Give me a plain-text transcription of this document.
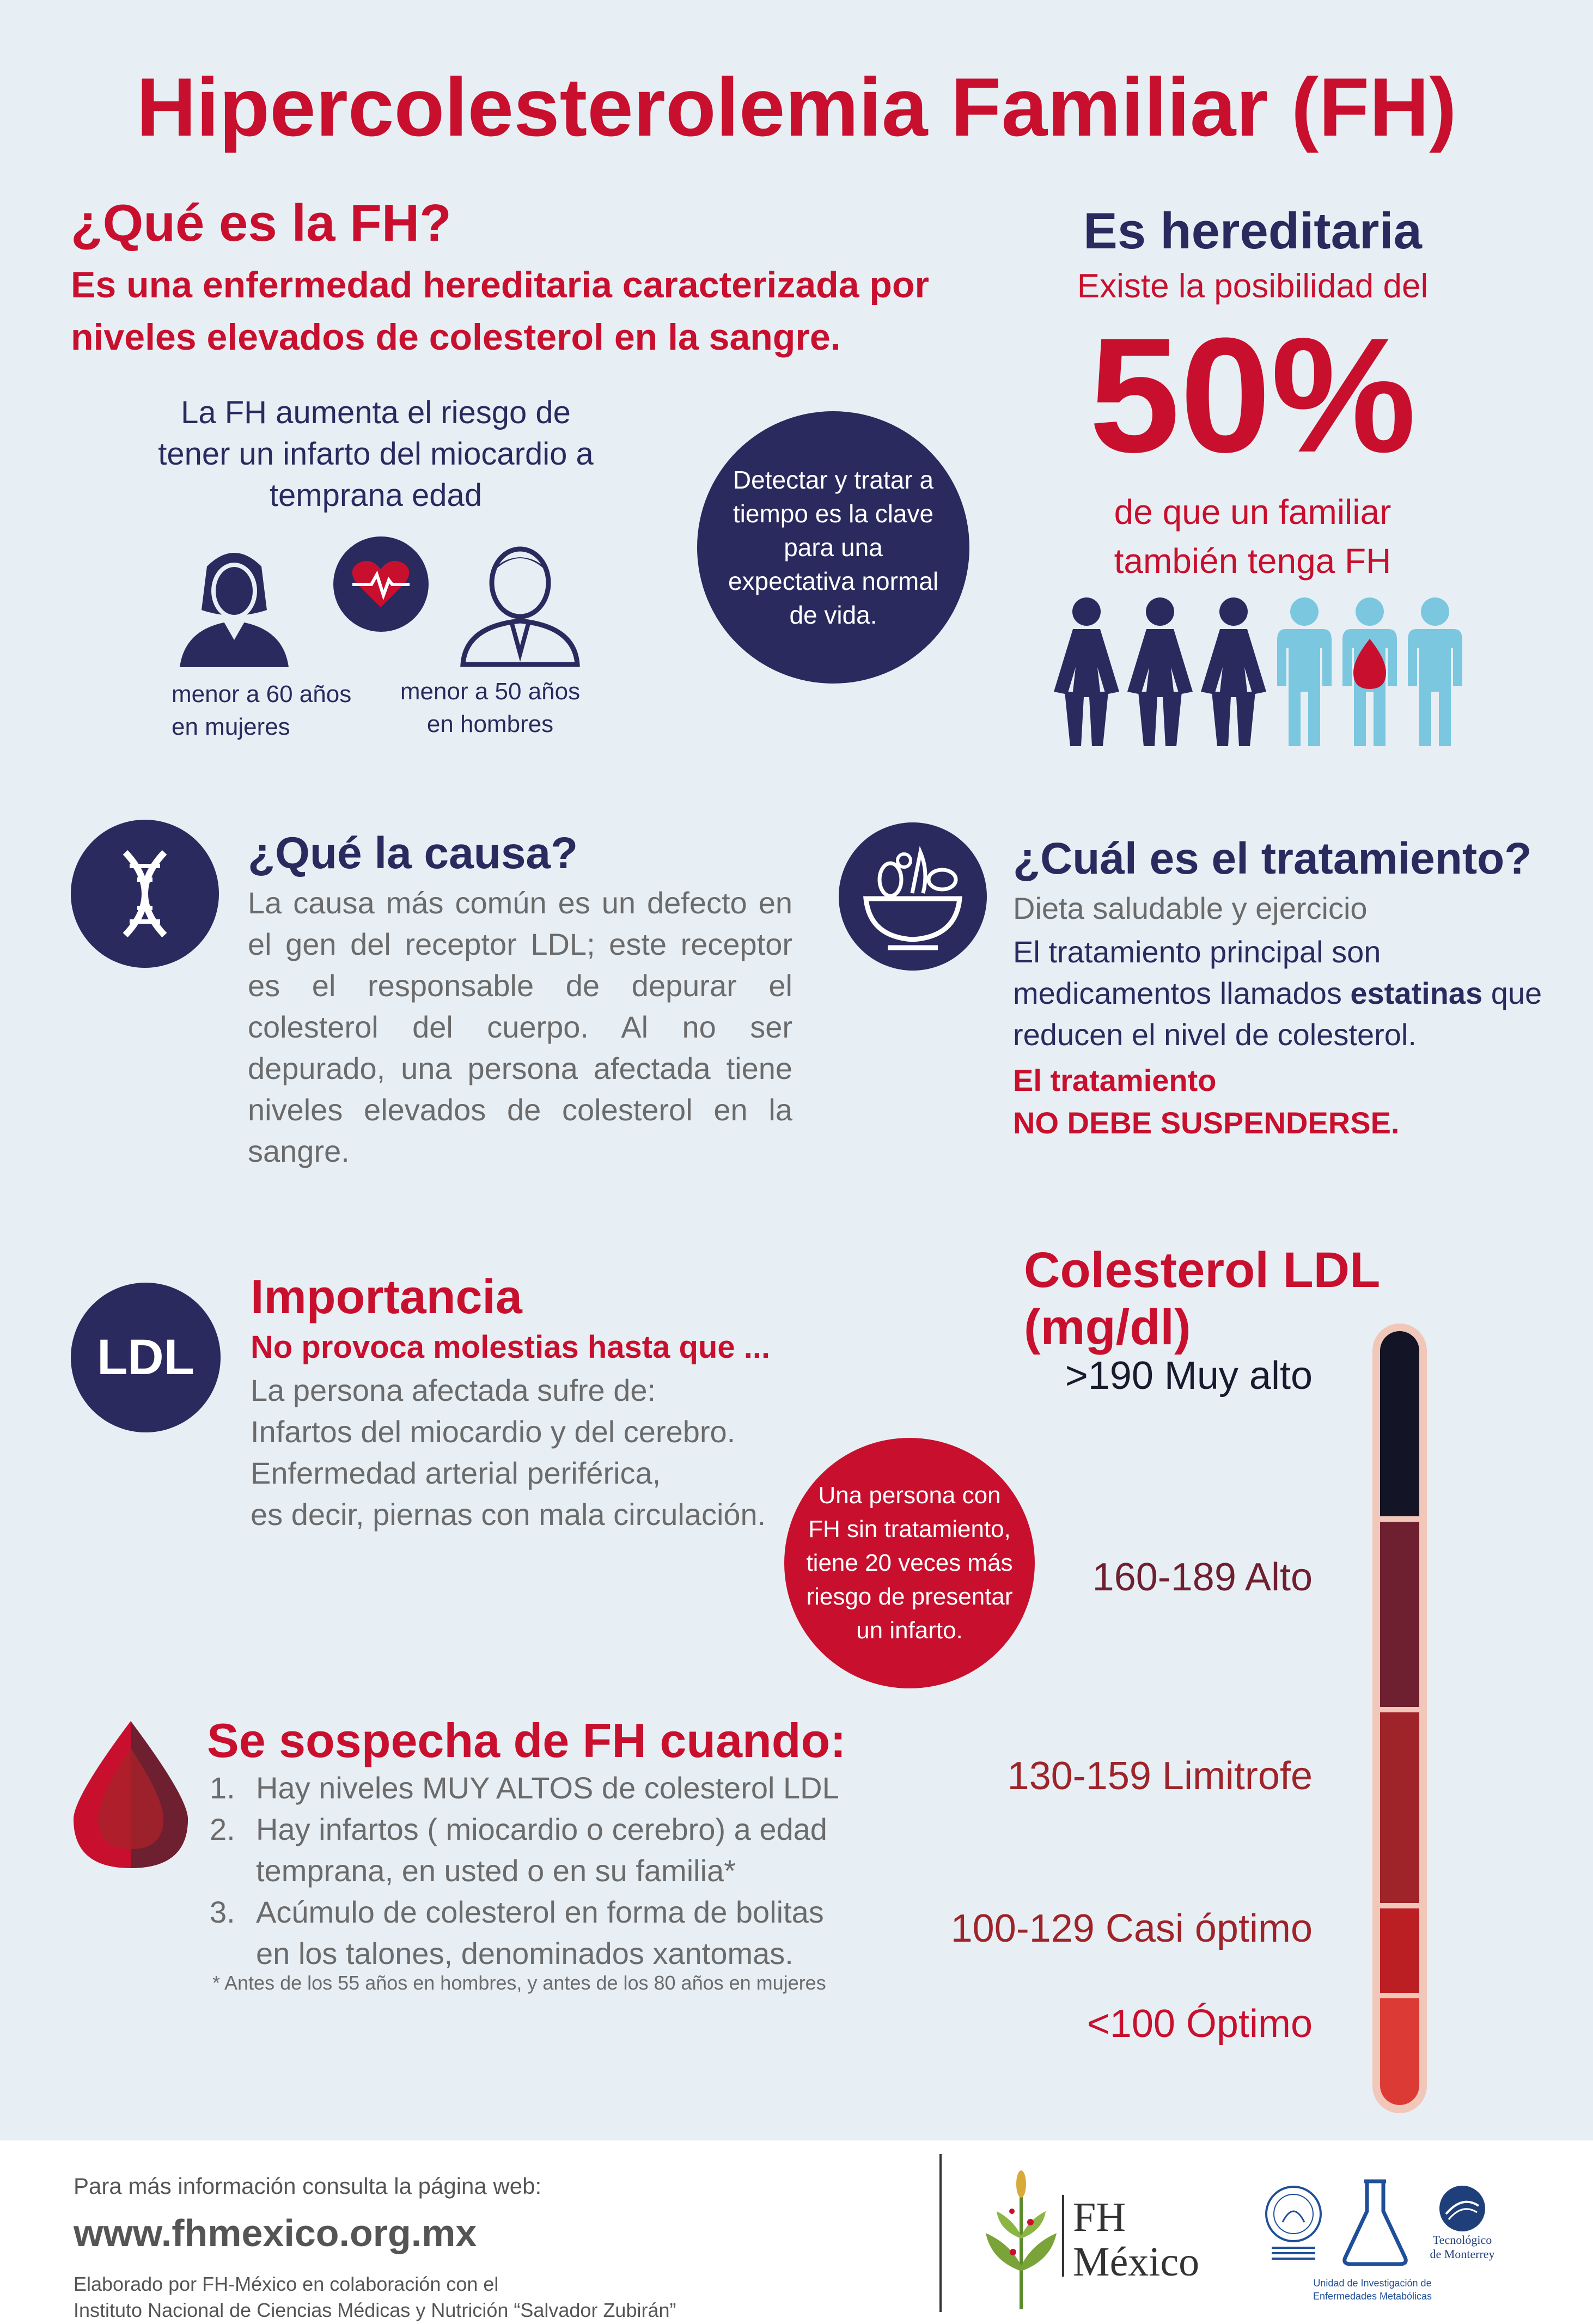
Hipercolesterolemia Familiar (FH)
¿Qué es la FH?
Es una enfermedad hereditaria caracterizada por niveles elevados de colesterol en la sangre.
La FH aumenta el riesgo de tener un infarto del miocardio a temprana edad
menor a 60 años
en mujeres
menor a 50 años
en hombres
Detectar y tratar a tiempo es la clave para una expectativa normal de vida.
Es hereditaria
Existe la posibilidad del
50%
de que un familiar
también tenga FH
¿Qué la causa?
La causa más común es un defecto en el gen del receptor LDL; este receptor es el responsable de depurar el colesterol del cuerpo. Al no ser depurado, una persona afectada tiene niveles elevados de colesterol en la sangre.
¿Cuál es el tratamiento?
Dieta saludable y ejercicio
El tratamiento principal son medicamentos llamados estatinas que reducen el nivel de colesterol.
El tratamiento
NO DEBE SUSPENDERSE.
LDL
Importancia
No provoca molestias hasta que ...
La persona afectada sufre de:
Infartos del miocardio y del cerebro.
Enfermedad arterial periférica,
es decir, piernas con mala circulación.
Una persona con FH sin tratamiento, tiene 20 veces más riesgo de presentar un infarto.
Colesterol LDL (mg/dl)
>190 Muy alto
160-189 Alto
130-159 Limitrofe
100-129 Casi óptimo
<100 Óptimo
Se sospecha de FH cuando:
1. Hay niveles MUY ALTOS de colesterol LDL
2. Hay infartos ( miocardio o cerebro) a edad temprana, en usted o en su familia*
3. Acúmulo de colesterol en forma de bolitas en los talones, denominados xantomas.
* Antes de los 55 años en hombres, y antes de los 80 años en mujeres
Para más información consulta la página web:
www.fhmexico.org.mx
Elaborado por FH-México en colaboración con el
Instituto Nacional de Ciencias Médicas y Nutrición “Salvador Zubirán”
FH
México	Unidad de Investigación de
Enfermedades Metabólicas
Tecnológico
de Monterrey
